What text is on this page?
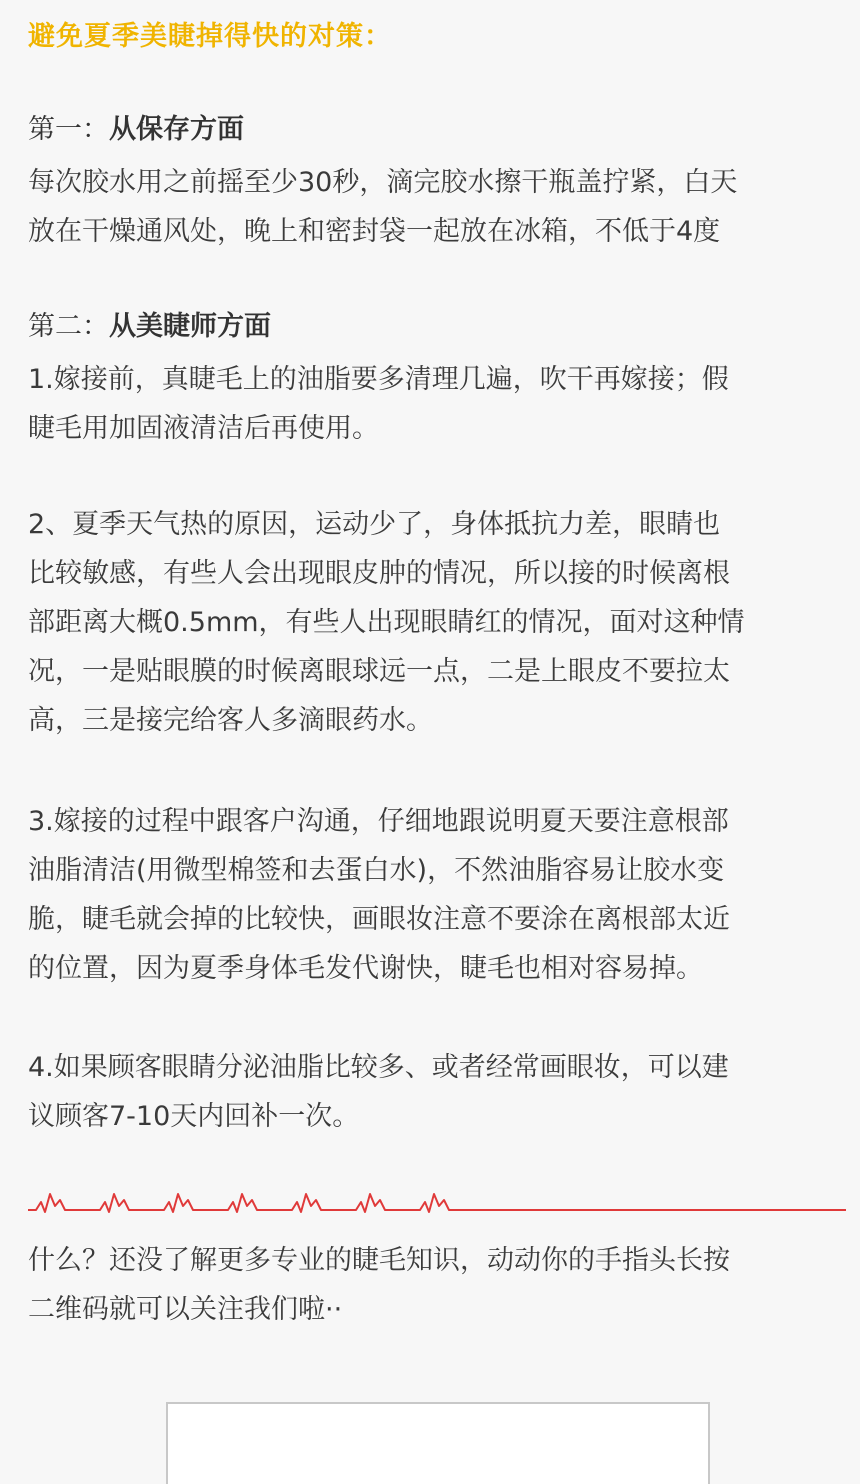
避免夏季美睫掉得快的对策：
第一：从保存方面
每次胶水用之前摇至少30秒，滴完胶水擦干瓶盖拧紧，白天
放在干燥通风处，晚上和密封袋一起放在冰箱，不低于4度
第二：从美睫师方面
1.嫁接前，真睫毛上的油脂要多清理几遍，吹干再嫁接；假
睫毛用加固液清洁后再使用。
2、夏季天气热的原因，运动少了，身体抵抗力差，眼睛也
比较敏感，有些人会出现眼皮肿的情况，所以接的时候离根
部距离大概0.5mm，有些人出现眼睛红的情况，面对这种情
况，一是贴眼膜的时候离眼球远一点，二是上眼皮不要拉太
高，三是接完给客人多滴眼药水。
3.嫁接的过程中跟客户沟通，仔细地跟说明夏天要注意根部
油脂清洁(用微型棉签和去蛋白水)，不然油脂容易让胶水变
脆，睫毛就会掉的比较快，画眼妆注意不要涂在离根部太近
的位置，因为夏季身体毛发代谢快，睫毛也相对容易掉。
4.如果顾客眼睛分泌油脂比较多、或者经常画眼妆，可以建
议顾客7-10天内回补一次。
什么？还没了解更多专业的睫毛知识，动动你的手指头长按
二维码就可以关注我们啦··
